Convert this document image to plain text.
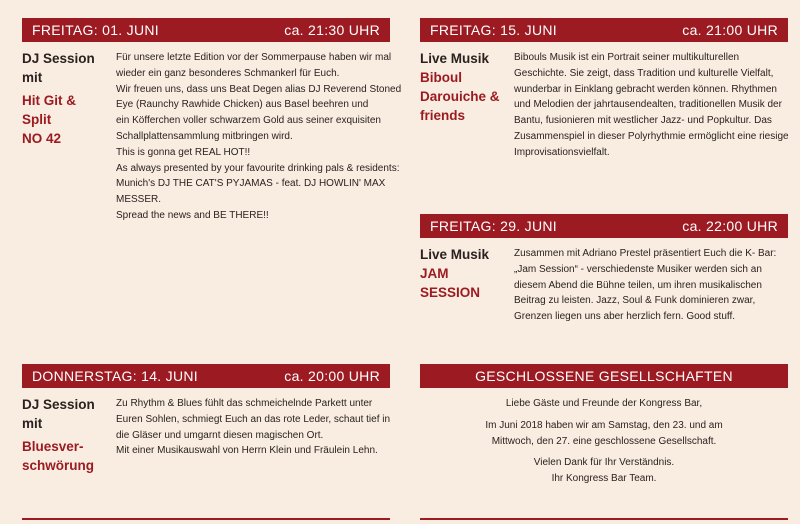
FREITAG: 01. JUNI	ca. 21:30 UHR
DJ Session
mit
Hit Git &
Split
NO 42
Für unsere letzte Edition vor der Sommerpause haben wir mal
wieder ein ganz besonderes Schmankerl für Euch.
Wir freuen uns, dass uns Beat Degen alias DJ Reverend Stoned
Eye (Raunchy Rawhide Chicken) aus Basel beehren und
ein Köfferchen voller schwarzem Gold aus seiner exquisiten
Schallplattensammlung mitbringen wird.
This is gonna get REAL HOT!!
As always presented by your favourite drinking pals & residents:
Munich's DJ THE CAT'S PYJAMAS - feat. DJ HOWLIN' MAX
MESSER.
Spread the news and BE THERE!!
FREITAG: 15. JUNI	ca. 21:00 UHR
Live Musik
Biboul
Darouiche &
friends
Bibouls Musik ist ein Portrait seiner multikulturellen
Geschichte. Sie zeigt, dass Tradition und kulturelle Vielfalt,
wunderbar in Einklang gebracht werden können. Rhythmen
und Melodien der jahrtausendealten, traditionellen Musik der
Bantu, fusionieren mit westlicher Jazz- und Popkultur. Das
Zusammenspiel in dieser Polyrhythmie ermöglicht eine riesige
Improvisationsvielfalt.
FREITAG: 29. JUNI	ca. 22:00 UHR
Live Musik
JAM
SESSION
Zusammen mit Adriano Prestel präsentiert Euch die K- Bar:
„Jam Session“ - verschiedenste Musiker werden sich an
diesem Abend die Bühne teilen, um ihren musikalischen
Beitrag zu leisten. Jazz, Soul & Funk dominieren zwar,
Grenzen liegen uns aber herzlich fern. Good stuff.
DONNERSTAG: 14. JUNI	ca. 20:00 UHR
DJ Session
mit
Bluesver-
schwörung
Zu Rhythm & Blues fühlt das schmeichelnde Parkett unter
Euren Sohlen, schmiegt Euch an das rote Leder, schaut tief in
die Gläser und umgarnt diesen magischen Ort.
Mit einer Musikauswahl von Herrn Klein und Fräulein Lehn.
GESCHLOSSENE GESELLSCHAFTEN
Liebe Gäste und Freunde der Kongress Bar,
Im Juni 2018 haben wir am Samstag, den 23. und am
Mittwoch, den 27. eine geschlossene Gesellschaft.
Vielen Dank für Ihr Verständnis.
Ihr Kongress Bar Team.
